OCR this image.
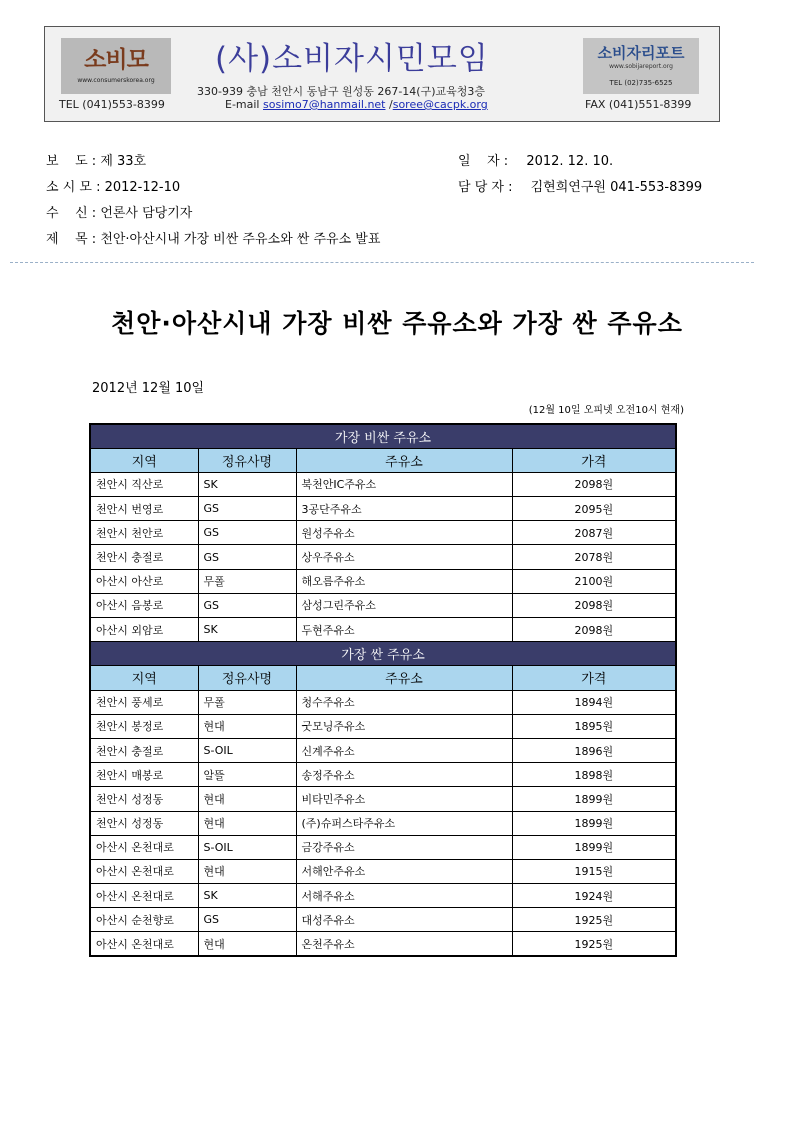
소비모
www.consumerskorea.org
(사)소비자시민모임	소비자리포트
www.sobijareport.org
TEL (02)735-6525
330-939 충남 천안시 동남구 원성동 267-14(구)교육청3층
TEL (041)553-8399	E-mail sosimo7@hanmail.net /soree@cacpk.org	FAX (041)551-8399
보    도 : 제 33호	일    자 : 2012. 12. 10.
소 시 모 : 2012-12-10	담 당 자 : 김현희연구원 041-553-8399
수    신 : 언론사 담당기자
제    목 : 천안·아산시내 가장 비싼 주유소와 싼 주유소 발표
천안·아산시내 가장 비싼 주유소와 가장 싼 주유소
2012년 12월 10일
(12월 10일 오피넷 오전10시 현재)
가장 비싼 주유소			
지역	정유사명	주유소	가격
천안시 직산로	SK	북천안IC주유소	2098원
천안시 번영로	GS	3공단주유소	2095원
천안시 천안로	GS	원성주유소	2087원
천안시 충절로	GS	상우주유소	2078원
아산시 아산로	무폴	해오름주유소	2100원
아산시 음봉로	GS	삼성그린주유소	2098원
아산시 외암로	SK	두현주유소	2098원
가장 싼 주유소			
지역	정유사명	주유소	가격
천안시 풍세로	무폴	청수주유소	1894원
천안시 봉정로	현대	굿모닝주유소	1895원
천안시 충절로	S-OIL	신계주유소	1896원
천안시 매봉로	알뜰	송정주유소	1898원
천안시 성정동	현대	비타민주유소	1899원
천안시 성정동	현대	(주)슈퍼스타주유소	1899원
아산시 온천대로	S-OIL	금강주유소	1899원
아산시 온천대로	현대	서해안주유소	1915원
아산시 온천대로	SK	서해주유소	1924원
아산시 순천향로	GS	대성주유소	1925원
아산시 온천대로	현대	온천주유소	1925원
